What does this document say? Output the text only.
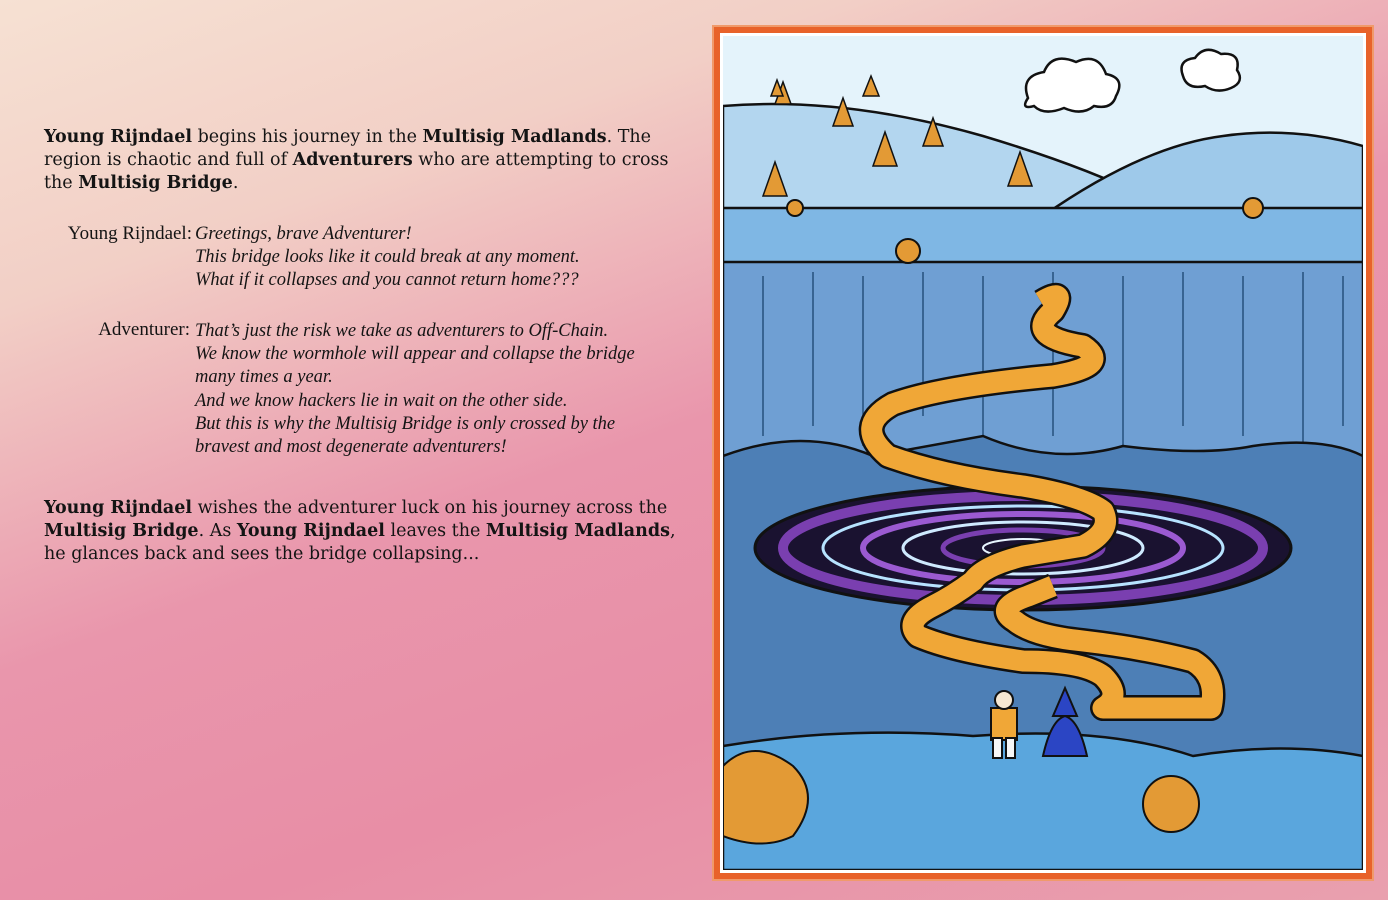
Young Rijndael begins his journey in the Multisig Madlands. The region is chaotic and full of Adventurers who are attempting to cross the Multisig Bridge.

Young Rijndael: Greetings, brave Adventurer!
This bridge looks like it could break at any moment.
What if it collapses and you cannot return home???
Adventurer: That’s just the risk we take as adventurers to Off-Chain.
We know the wormhole will appear and collapse the bridge
many times a year.
And we know hackers lie in wait on the other side.
But this is why the Multisig Bridge is only crossed by the
bravest and most degenerate adventurers!

Young Rijndael wishes the adventurer luck on his journey across the Multisig Bridge. As Young Rijndael leaves the Multisig Madlands, he glances back and sees the bridge collapsing...
